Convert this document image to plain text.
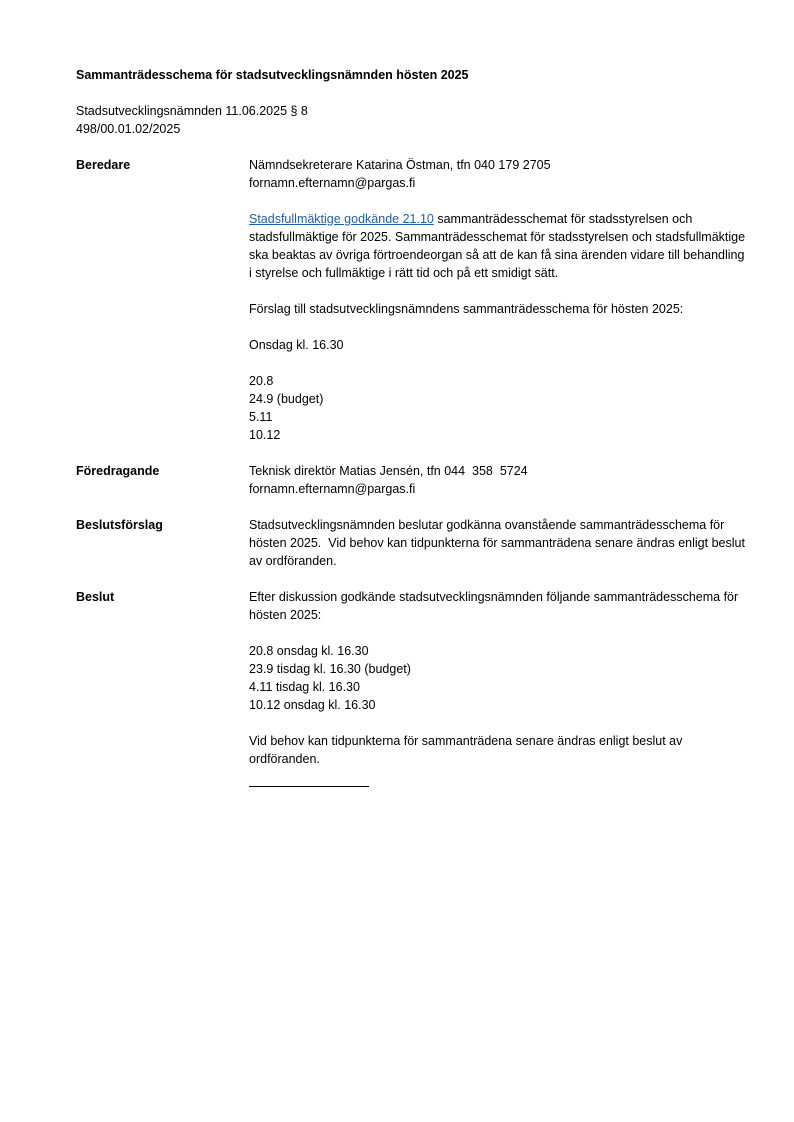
Sammanträdesschema för stadsutvecklingsnämnden hösten 2025

Stadsutvecklingsnämnden 11.06.2025 § 8

498/00.01.02/2025

Beredare	Nämndsekreterare Katarina Östman, tfn 040 179 2705

fornamn.efternamn@pargas.fi

Stadsfullmäktige godkände 21.10 sammanträdesschemat för stadsstyrelsen och stadsfullmäktige för 2025. Sammanträdesschemat för stadsstyrelsen och stadsfullmäktige ska beaktas av övriga förtroendeorgan så att de kan få sina ärenden vidare till behandling i styrelse och fullmäktige i rätt tid och på ett smidigt sätt.
Förslag till stadsutvecklingsnämndens sammanträdesschema för hösten 2025:
Onsdag kl. 16.30
20.8
24.9 (budget)
5.11
10.12
Föredragande	Teknisk direktör Matias Jensén, tfn 044  358  5724

fornamn.efternamn@pargas.fi

Beslutsförslag	Stadsutvecklingsnämnden beslutar godkänna ovanstående sammanträdesschema för hösten 2025.  Vid behov kan tidpunkterna för sammanträdena senare ändras enligt beslut av ordföranden.

Beslut	Efter diskussion godkände stadsutvecklingsnämnden följande sammanträdesschema för hösten 2025:
20.8 onsdag kl. 16.30
23.9 tisdag kl. 16.30 (budget)
4.11 tisdag kl. 16.30
10.12 onsdag kl. 16.30
Vid behov kan tidpunkterna för sammanträdena senare ändras enligt beslut av ordföranden.
